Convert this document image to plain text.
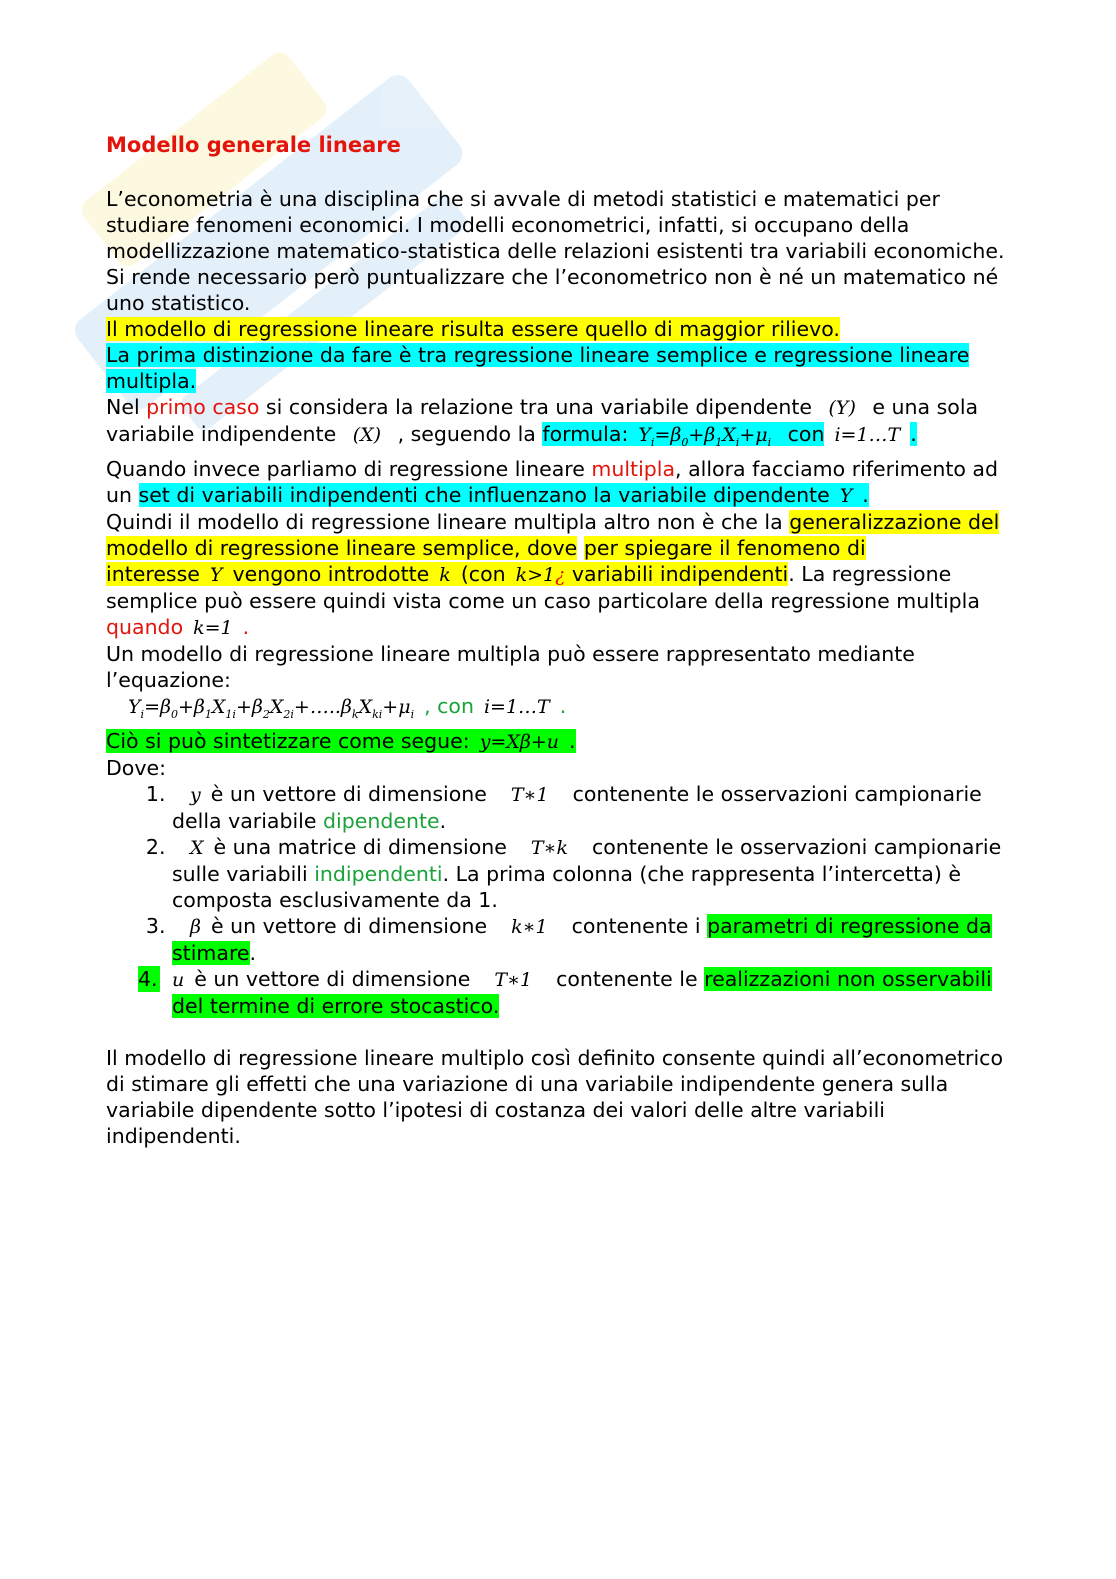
Modello generale lineare

L’econometria è una disciplina che si avvale di metodi statistici e matematici per studiare fenomeni economici. I modelli econometrici, infatti, si occupano della modellizzazione matematico-statistica delle relazioni esistenti tra variabili economiche. Si rende necessario però puntualizzare che l’econometrico non è né un matematico né uno statistico.

Il modello di regressione lineare risulta essere quello di maggior rilievo.

La prima distinzione da fare è tra regressione lineare semplice e regressione lineare multipla.

Nel primo caso si considera la relazione tra una variabile dipendente (Y) e una sola variabile indipendente (X) , seguendo la formula: $Y_i=\beta_0+\beta_1X_i+\mu_i$ con i=1…T .

Quando invece parliamo di regressione lineare multipla, allora facciamo riferimento ad un set di variabili indipendenti che influenzano la variabile dipendente Y .

Quindi il modello di regressione lineare multipla altro non è che la generalizzazione del modello di regressione lineare semplice, dove per spiegare il fenomeno di interesse Y vengono introdotte k (con k>1¿ variabili indipendenti. La regressione semplice può essere quindi vista come un caso particolare della regressione multipla quando k=1 .

Un modello di regressione lineare multipla può essere rappresentato mediante l’equazione:

$Y_i=\beta_0+\beta_1X_{1i}+\beta_2X_{2i}+\dots..\beta_kX_{ki}+\mu_i$ , con i=1…T .

Ciò si può sintetizzare come segue: y=Xβ+u .

Dove:

1. y è un vettore di dimensione T∗1 contenente le osservazioni campionarie della variabile dipendente.
2. X è una matrice di dimensione T∗k contenente le osservazioni campionarie sulle variabili indipendenti. La prima colonna (che rappresenta l’intercetta) è composta esclusivamente da 1.
3. β è un vettore di dimensione k∗1 contenente i parametri di regressione da stimare.
4. u è un vettore di dimensione T∗1 contenente le realizzazioni non osservabili del termine di errore stocastico.

Il modello di regressione lineare multiplo così definito consente quindi all’econometrico di stimare gli effetti che una variazione di una variabile indipendente genera sulla variabile dipendente sotto l’ipotesi di costanza dei valori delle altre variabili indipendenti.
